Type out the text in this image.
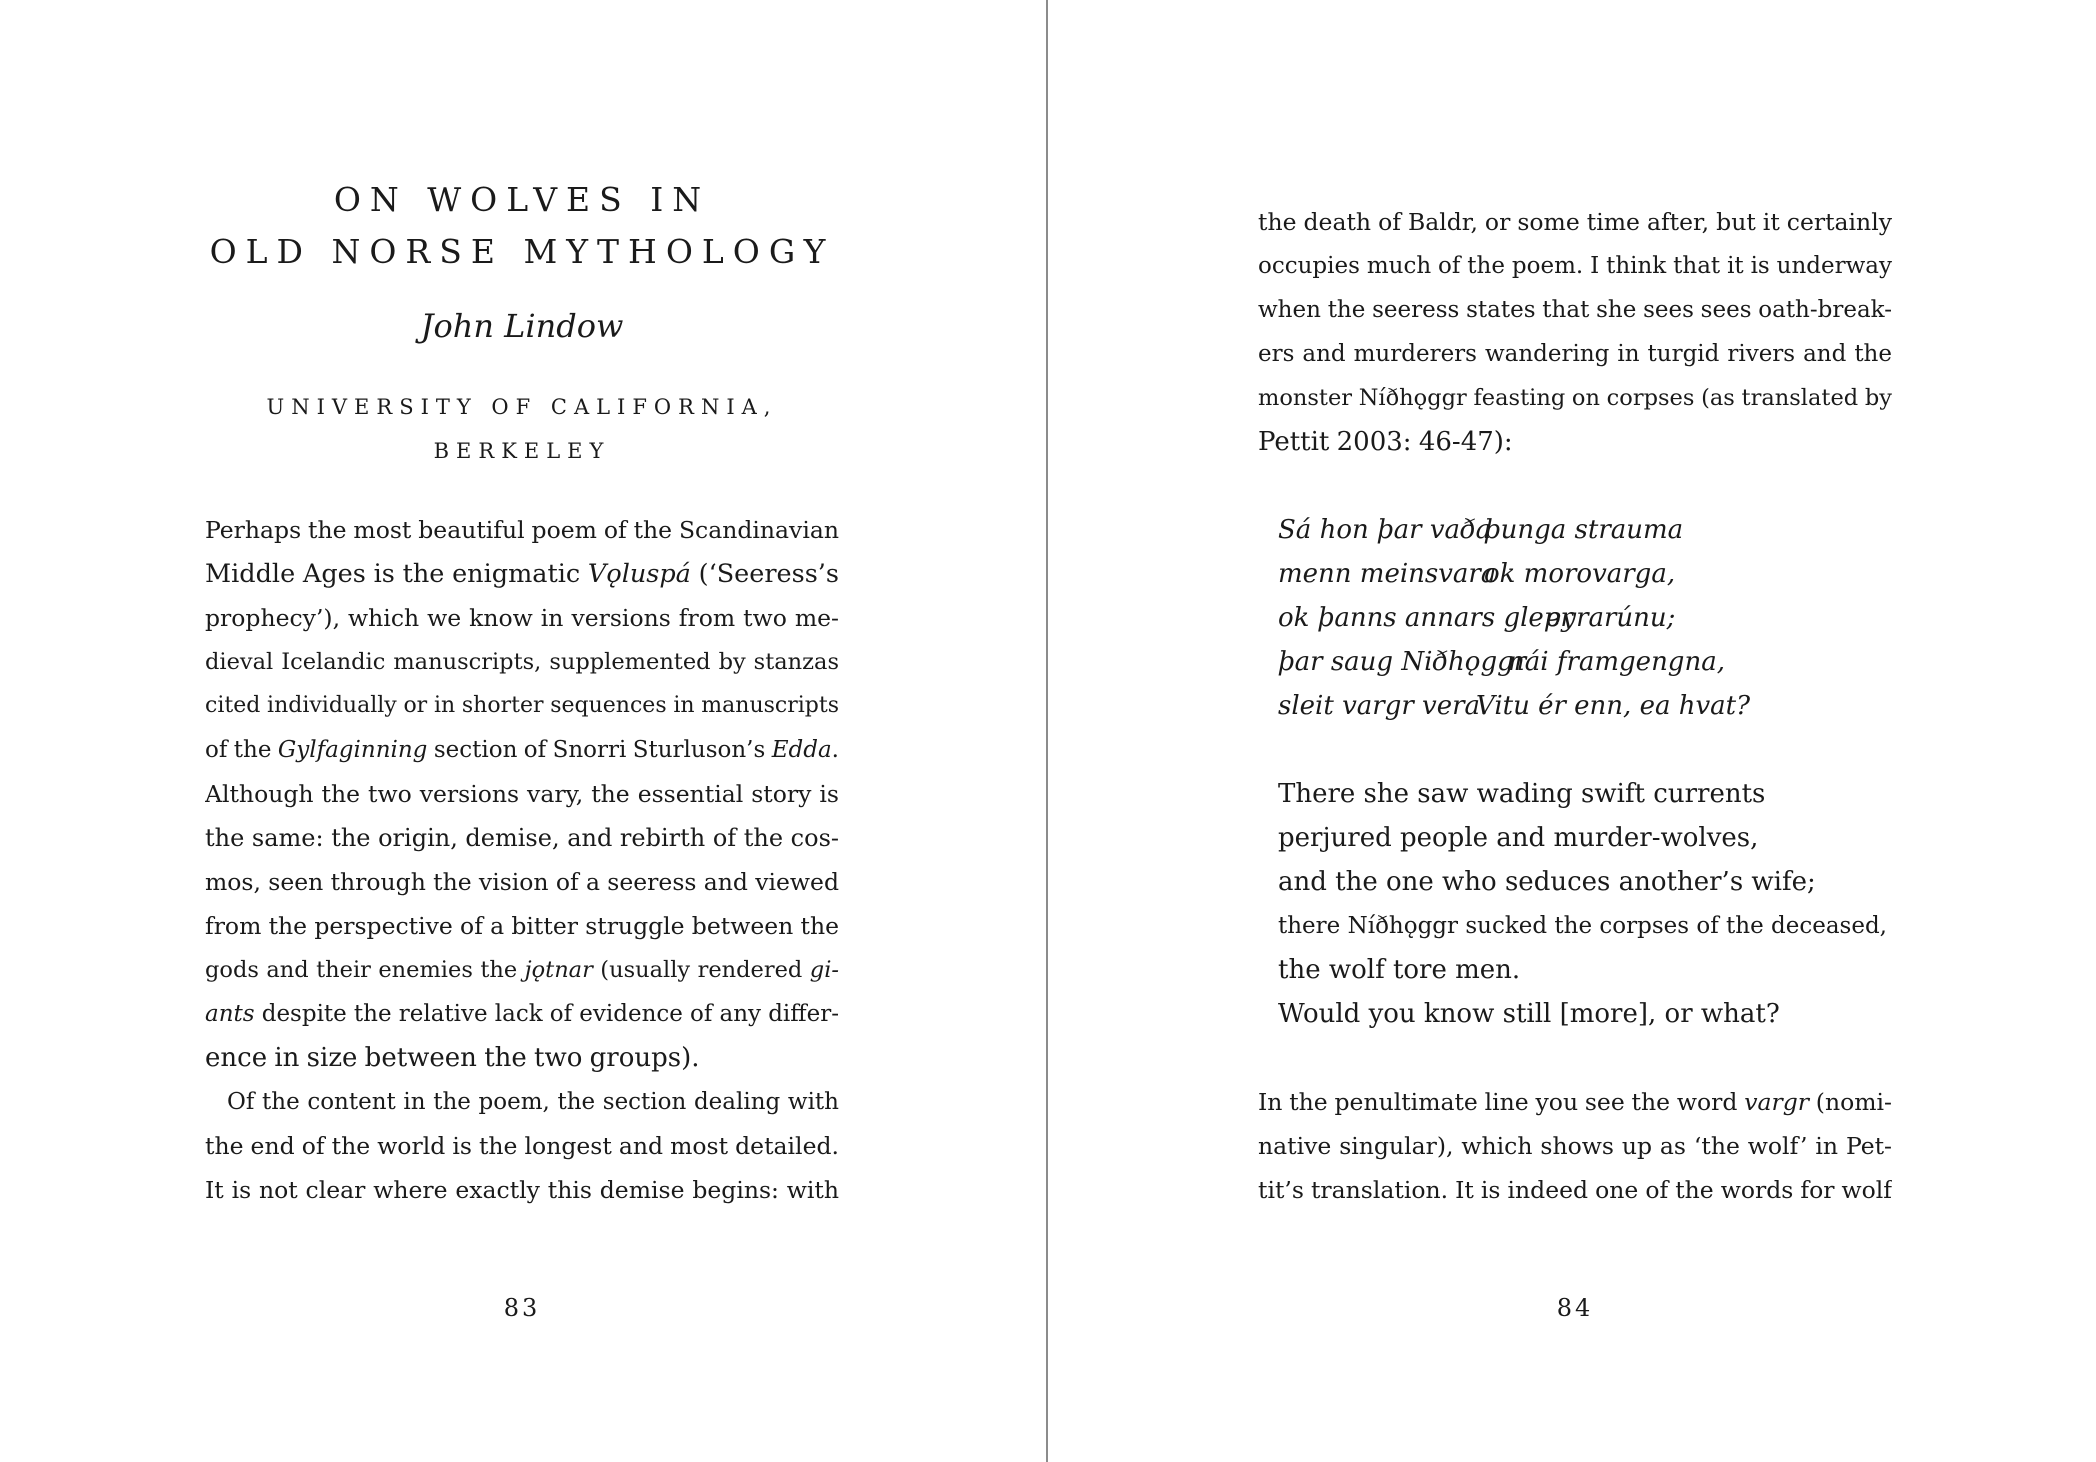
ON WOLVES IN
OLD NORSE MYTHOLOGY
John Lindow
UNIVERSITY OF CALIFORNIA,
BERKELEY
Perhaps the most beautiful poem of the Scandinavian
Middle Ages is the enigmatic Vǫluspá (‘Seeress’s
prophecy’), which we know in versions from two me-
dieval Icelandic manuscripts, supplemented by stanzas
cited individually or in shorter sequences in manuscripts
of the Gylfaginning section of Snorri Sturluson’s Edda.
Although the two versions vary, the essential story is
the same: the origin, demise, and rebirth of the cos-
mos, seen through the vision of a seeress and viewed
from the perspective of a bitter struggle between the
gods and their enemies the jǫtnar (usually rendered gi-
ants despite the relative lack of evidence of any differ-
ence in size between the two groups).
Of the content in the poem, the section dealing with
the end of the world is the longest and most detailed.
It is not clear where exactly this demise begins: with
83
the death of Baldr, or some time after, but it certainly
occupies much of the poem. I think that it is underway
when the seeress states that she sees sees oath-break-
ers and murderers wandering in turgid rivers and the
monster Níðhǫggr feasting on corpses (as translated by
Pettit 2003: 46-47):
Sá hon þar vaðaþunga strauma
menn meinsvaraok morovarga,
ok þanns annars glepreyrarúnu;
þar saug Niðhǫggrnái framgengna,
sleit vargr vera.Vitu ér enn, ea hvat?
There she saw wading swift currents
perjured people and murder-wolves,
and the one who seduces another’s wife;
there Níðhǫggr sucked the corpses of the deceased,
the wolf tore men.
Would you know still [more], or what?
In the penultimate line you see the word vargr (nomi-
native singular), which shows up as ‘the wolf’ in Pet-
tit’s translation. It is indeed one of the words for wolf
84
